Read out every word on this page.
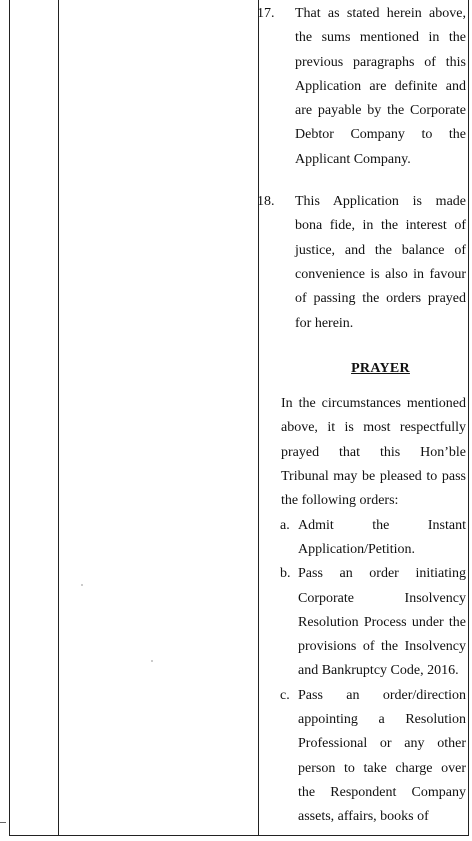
17. That as stated herein above, the sums mentioned in the previous paragraphs of this Application are definite and are payable by the Corporate Debtor Company to the Applicant Company.
18. This Application is made bona fide, in the interest of justice, and the balance of convenience is also in favour of passing the orders prayed for herein.
PRAYER
In the circumstances mentioned above, it is most respectfully prayed that this Hon’ble Tribunal may be pleased to pass the following orders:
a. Admit the Instant Application/Petition.
b. Pass an order initiating Corporate Insolvency Resolution Process under the provisions of the Insolvency and Bankruptcy Code, 2016.
c. Pass an order/direction appointing a Resolution Professional or any other person to take charge over the Respondent Company assets, affairs, books of
